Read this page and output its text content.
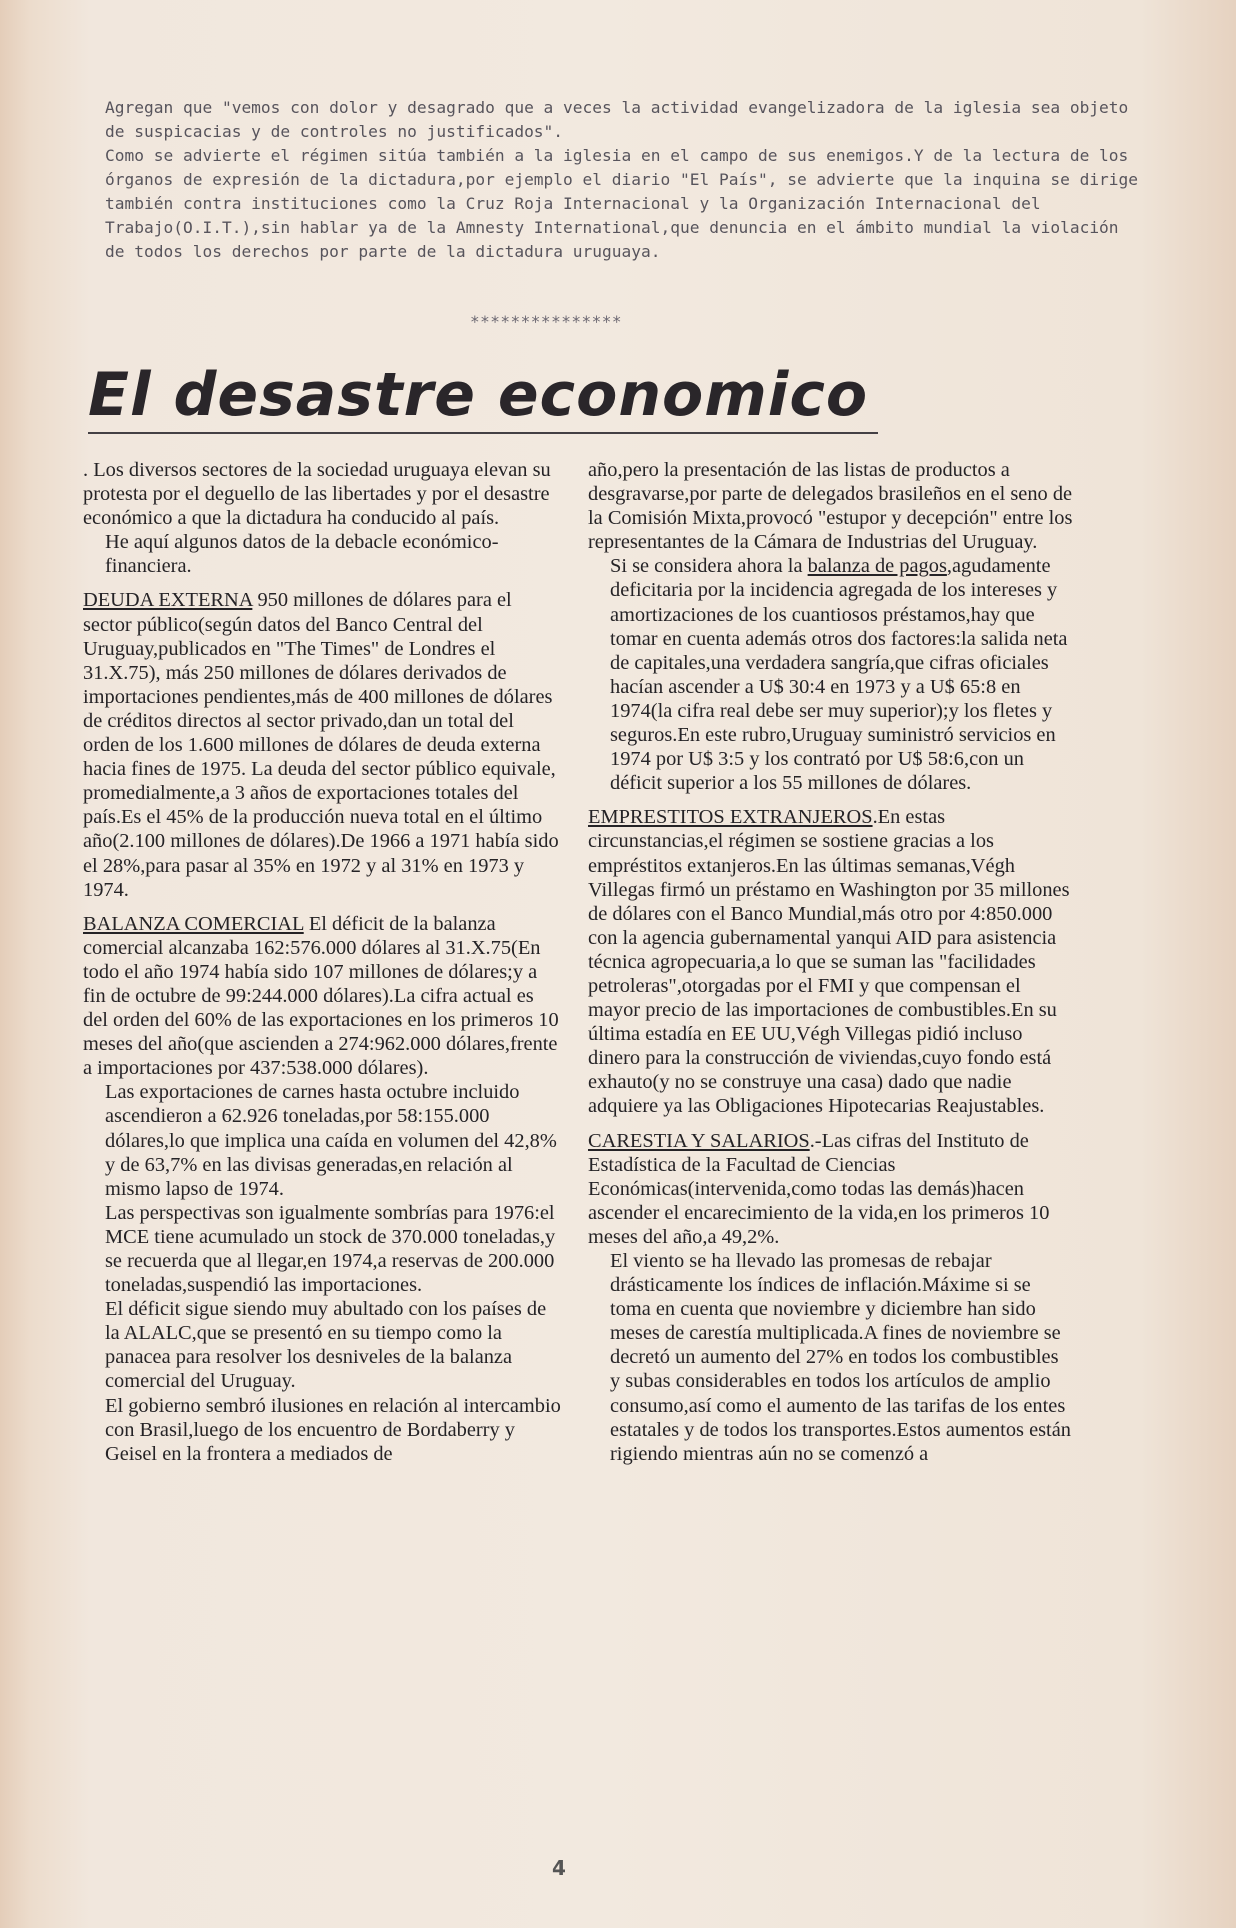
Agregan que "vemos con dolor y desagrado que a veces la actividad evangelizadora de la iglesia sea objeto de suspicacias y de controles no justificados".

Como se advierte el régimen sitúa también a la iglesia en el campo de sus enemigos.Y de la lectura de los órganos de expresión de la dictadura,por ejemplo el diario "El País", se advierte que la inquina se dirige también contra instituciones como la Cruz Roja Internacional y la Organización Internacional del Trabajo(O.I.T.),sin hablar ya de la Amnesty International,que denuncia en el ámbito mundial la violación de todos los derechos por parte de la dictadura uruguaya.

***************
El desastre economico

. Los diversos sectores de la sociedad uruguaya elevan su protesta por el deguello de las libertades y por el desastre económico a que la dictadura ha conducido al país.

He aquí algunos datos de la debacle económico-financiera.

DEUDA EXTERNA 950 millones de dólares para el sector público(según datos del Banco Central del Uruguay,publicados en "The Times" de Londres el 31.X.75), más 250 millones de dólares derivados de importaciones pendientes,más de 400 millones de dólares de créditos directos al sector privado,dan un total del orden de los 1.600 millones de dólares de deuda externa hacia fines de 1975. La deuda del sector público equivale, promedialmente,a 3 años de exportaciones totales del país.Es el 45% de la producción nueva total en el último año(2.100 millones de dólares).De 1966 a 1971 había sido el 28%,para pasar al 35% en 1972 y al 31% en 1973 y 1974.

BALANZA COMERCIAL El déficit de la balanza comercial alcanzaba 162:576.000 dólares al 31.X.75(En todo el año 1974 había sido 107 millones de dólares;y a fin de octubre de 99:244.000 dólares).La cifra actual es del orden del 60% de las exportaciones en los primeros 10 meses del año(que ascienden a 274:962.000 dólares,frente a importaciones por 437:538.000 dólares).

Las exportaciones de carnes hasta octubre incluido ascendieron a 62.926 toneladas,por 58:155.000 dólares,lo que implica una caída en volumen del 42,8% y de 63,7% en las divisas generadas,en relación al mismo lapso de 1974.

Las perspectivas son igualmente sombrías para 1976:el MCE tiene acumulado un stock de 370.000 toneladas,y se recuerda que al llegar,en 1974,a reservas de 200.000 toneladas,suspendió las importaciones.

El déficit sigue siendo muy abultado con los países de la ALALC,que se presentó en su tiempo como la panacea para resolver los desniveles de la balanza comercial del Uruguay.

El gobierno sembró ilusiones en relación al intercambio con Brasil,luego de los encuentro de Bordaberry y Geisel en la frontera a mediados de

año,pero la presentación de las listas de productos a desgravarse,por parte de delegados brasileños en el seno de la Comisión Mixta,provocó "estupor y decepción" entre los representantes de la Cámara de Industrias del Uruguay.

Si se considera ahora la balanza de pagos,agudamente deficitaria por la incidencia agregada de los intereses y amortizaciones de los cuantiosos préstamos,hay que tomar en cuenta además otros dos factores:la salida neta de capitales,una verdadera sangría,que cifras oficiales hacían ascender a U$ 30:4 en 1973 y a U$ 65:8 en 1974(la cifra real debe ser muy superior);y los fletes y seguros.En este rubro,Uruguay suministró servicios en 1974 por U$ 3:5 y los contrató por U$ 58:6,con un déficit superior a los 55 millones de dólares.

EMPRESTITOS EXTRANJEROS.En estas circunstancias,el régimen se sostiene gracias a los empréstitos extanjeros.En las últimas semanas,Végh Villegas firmó un préstamo en Washington por 35 millones de dólares con el Banco Mundial,más otro por 4:850.000 con la agencia gubernamental yanqui AID para asistencia técnica agropecuaria,a lo que se suman las "facilidades petroleras",otorgadas por el FMI y que compensan el mayor precio de las importaciones de combustibles.En su última estadía en EE UU,Végh Villegas pidió incluso dinero para la construcción de viviendas,cuyo fondo está exhauto(y no se construye una casa) dado que nadie adquiere ya las Obligaciones Hipotecarias Reajustables.

CARESTIA Y SALARIOS.-Las cifras del Instituto de Estadística de la Facultad de Ciencias Económicas(intervenida,como todas las demás)hacen ascender el encarecimiento de la vida,en los primeros 10 meses del año,a 49,2%.

El viento se ha llevado las promesas de rebajar drásticamente los índices de inflación.Máxime si se toma en cuenta que noviembre y diciembre han sido meses de carestía multiplicada.A fines de noviembre se decretó un aumento del 27% en todos los combustibles y subas considerables en todos los artículos de amplio consumo,así como el aumento de las tarifas de los entes estatales y de todos los transportes.Estos aumentos están rigiendo mientras aún no se comenzó a

4
